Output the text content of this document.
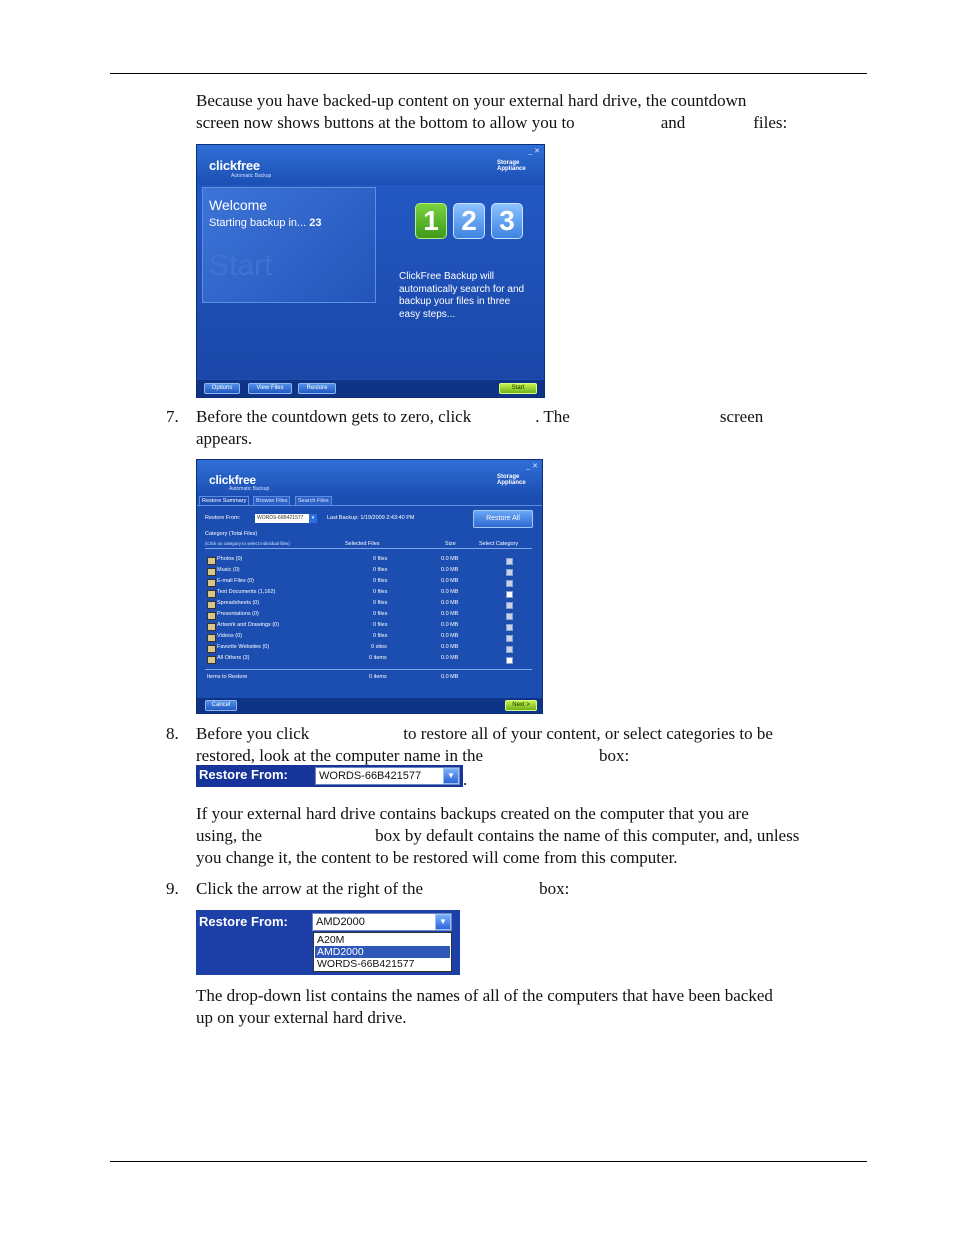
Because you have backed-up content on your external hard drive, the countdown
screen now shows buttons at the bottom to allow you to	and	files:
clickfree
Automatic Backup
Storage Appliance
_ ✕
Welcome
Starting backup in... 23
Start
1 2 3
ClickFree Backup will automatically search for and backup your files in three easy steps...
Options	View Files	Restore	Start
7. Before the countdown gets to zero, click	. The	screen
appears.
clickfree
Automatic Backup
Storage Appliance
_ ✕
Restore Summary	Browse Files	Search Files
Restore From:	WORDS-66B421577	▾	Last Backup: 1/19/2009 2:43:40 PM	Restore All
Category (Total Files)
(Click on category to select individual files)	Selected Files	Size	Select Category
Photos (0)	0 files	0.0 MB
Music (0)	0 files	0.0 MB
E-mail Files (0)	0 files	0.0 MB
Text Documents (1,162)	0 files	0.0 MB
Spreadsheets (0)	0 files	0.0 MB
Presentations (0)	0 files	0.0 MB
Artwork and Drawings (0)	0 files	0.0 MB
Videos (0)	0 files	0.0 MB
Favorite Websites (0)	0 sites	0.0 MB
All Others (3)	0 items	0.0 MB
Items to Restore	0 items	0.0 MB
Cancel	Next >
8. Before you click	to restore all of your content, or select categories to be
restored, look at the computer name in the	box:
Restore From:	WORDS-66B421577	▼ .
If your external hard drive contains backups created on the computer that you are
using, the	box by default contains the name of this computer, and, unless
you change it, the content to be restored will come from this computer.
9. Click the arrow at the right of the	box:
Restore From:	AMD2000	▼
A20M
AMD2000
WORDS-66B421577
The drop-down list contains the names of all of the computers that have been backed
up on your external hard drive.
